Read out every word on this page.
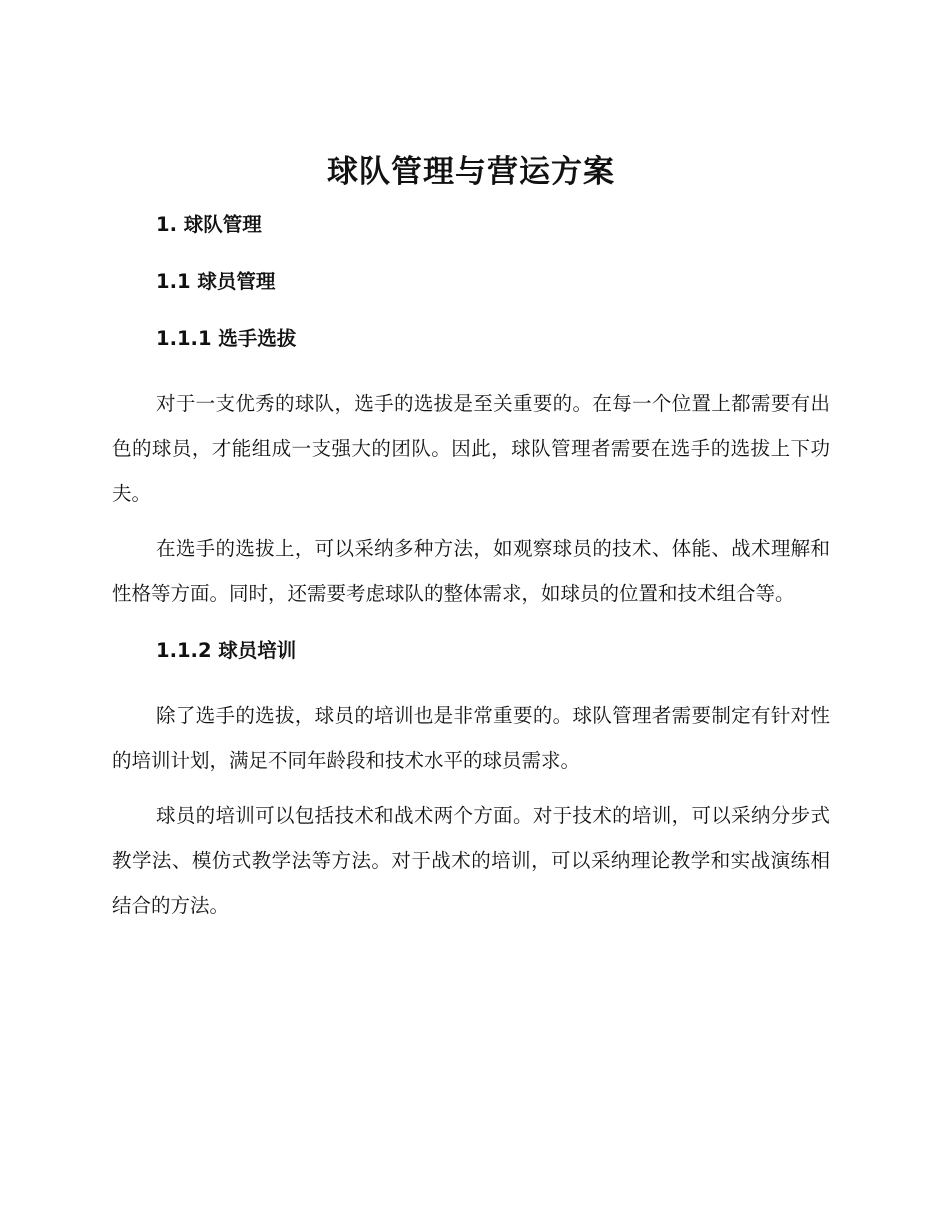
球队管理与营运方案
1. 球队管理
1.1 球员管理
1.1.1 选手选拔

对于一支优秀的球队，选手的选拔是至关重要的。在每一个位置上都需要有出色的球员，才能组成一支强大的团队。因此，球队管理者需要在选手的选拔上下功夫。

在选手的选拔上，可以采纳多种方法，如观察球员的技术、体能、战术理解和性格等方面。同时，还需要考虑球队的整体需求，如球员的位置和技术组合等。

1.1.2 球员培训

除了选手的选拔，球员的培训也是非常重要的。球队管理者需要制定有针对性的培训计划，满足不同年龄段和技术水平的球员需求。

球员的培训可以包括技术和战术两个方面。对于技术的培训，可以采纳分步式教学法、模仿式教学法等方法。对于战术的培训，可以采纳理论教学和实战演练相结合的方法。
